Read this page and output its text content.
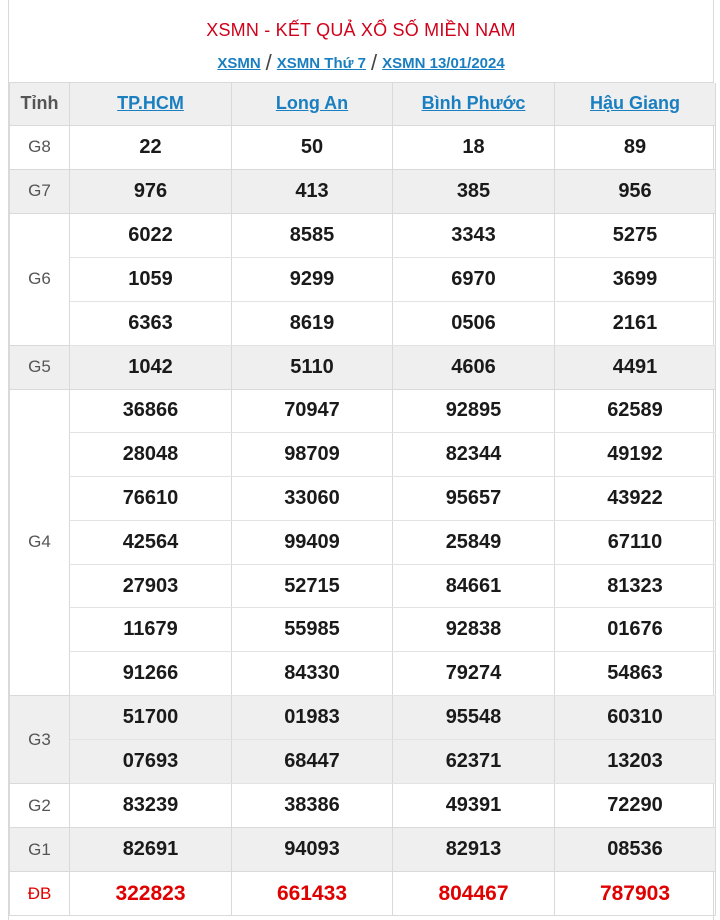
XSMN - KẾT QUẢ XỔ SỐ MIỀN NAM
XSMN / XSMN Thứ 7 / XSMN 13/01/2024
Tỉnh	TP.HCM	Long An	Bình Phước	Hậu Giang
G8	22	50	18	89
G7	976	413	385	956
G6	6022	8585	3343	5275
	1059	9299	6970	3699
	6363	8619	0506	2161
G5	1042	5110	4606	4491
G4	36866	70947	92895	62589
	28048	98709	82344	49192
	76610	33060	95657	43922
	42564	99409	25849	67110
	27903	52715	84661	81323
	11679	55985	92838	01676
	91266	84330	79274	54863
G3	51700	01983	95548	60310
	07693	68447	62371	13203
G2	83239	38386	49391	72290
G1	82691	94093	82913	08536
ĐB	322823	661433	804467	787903
